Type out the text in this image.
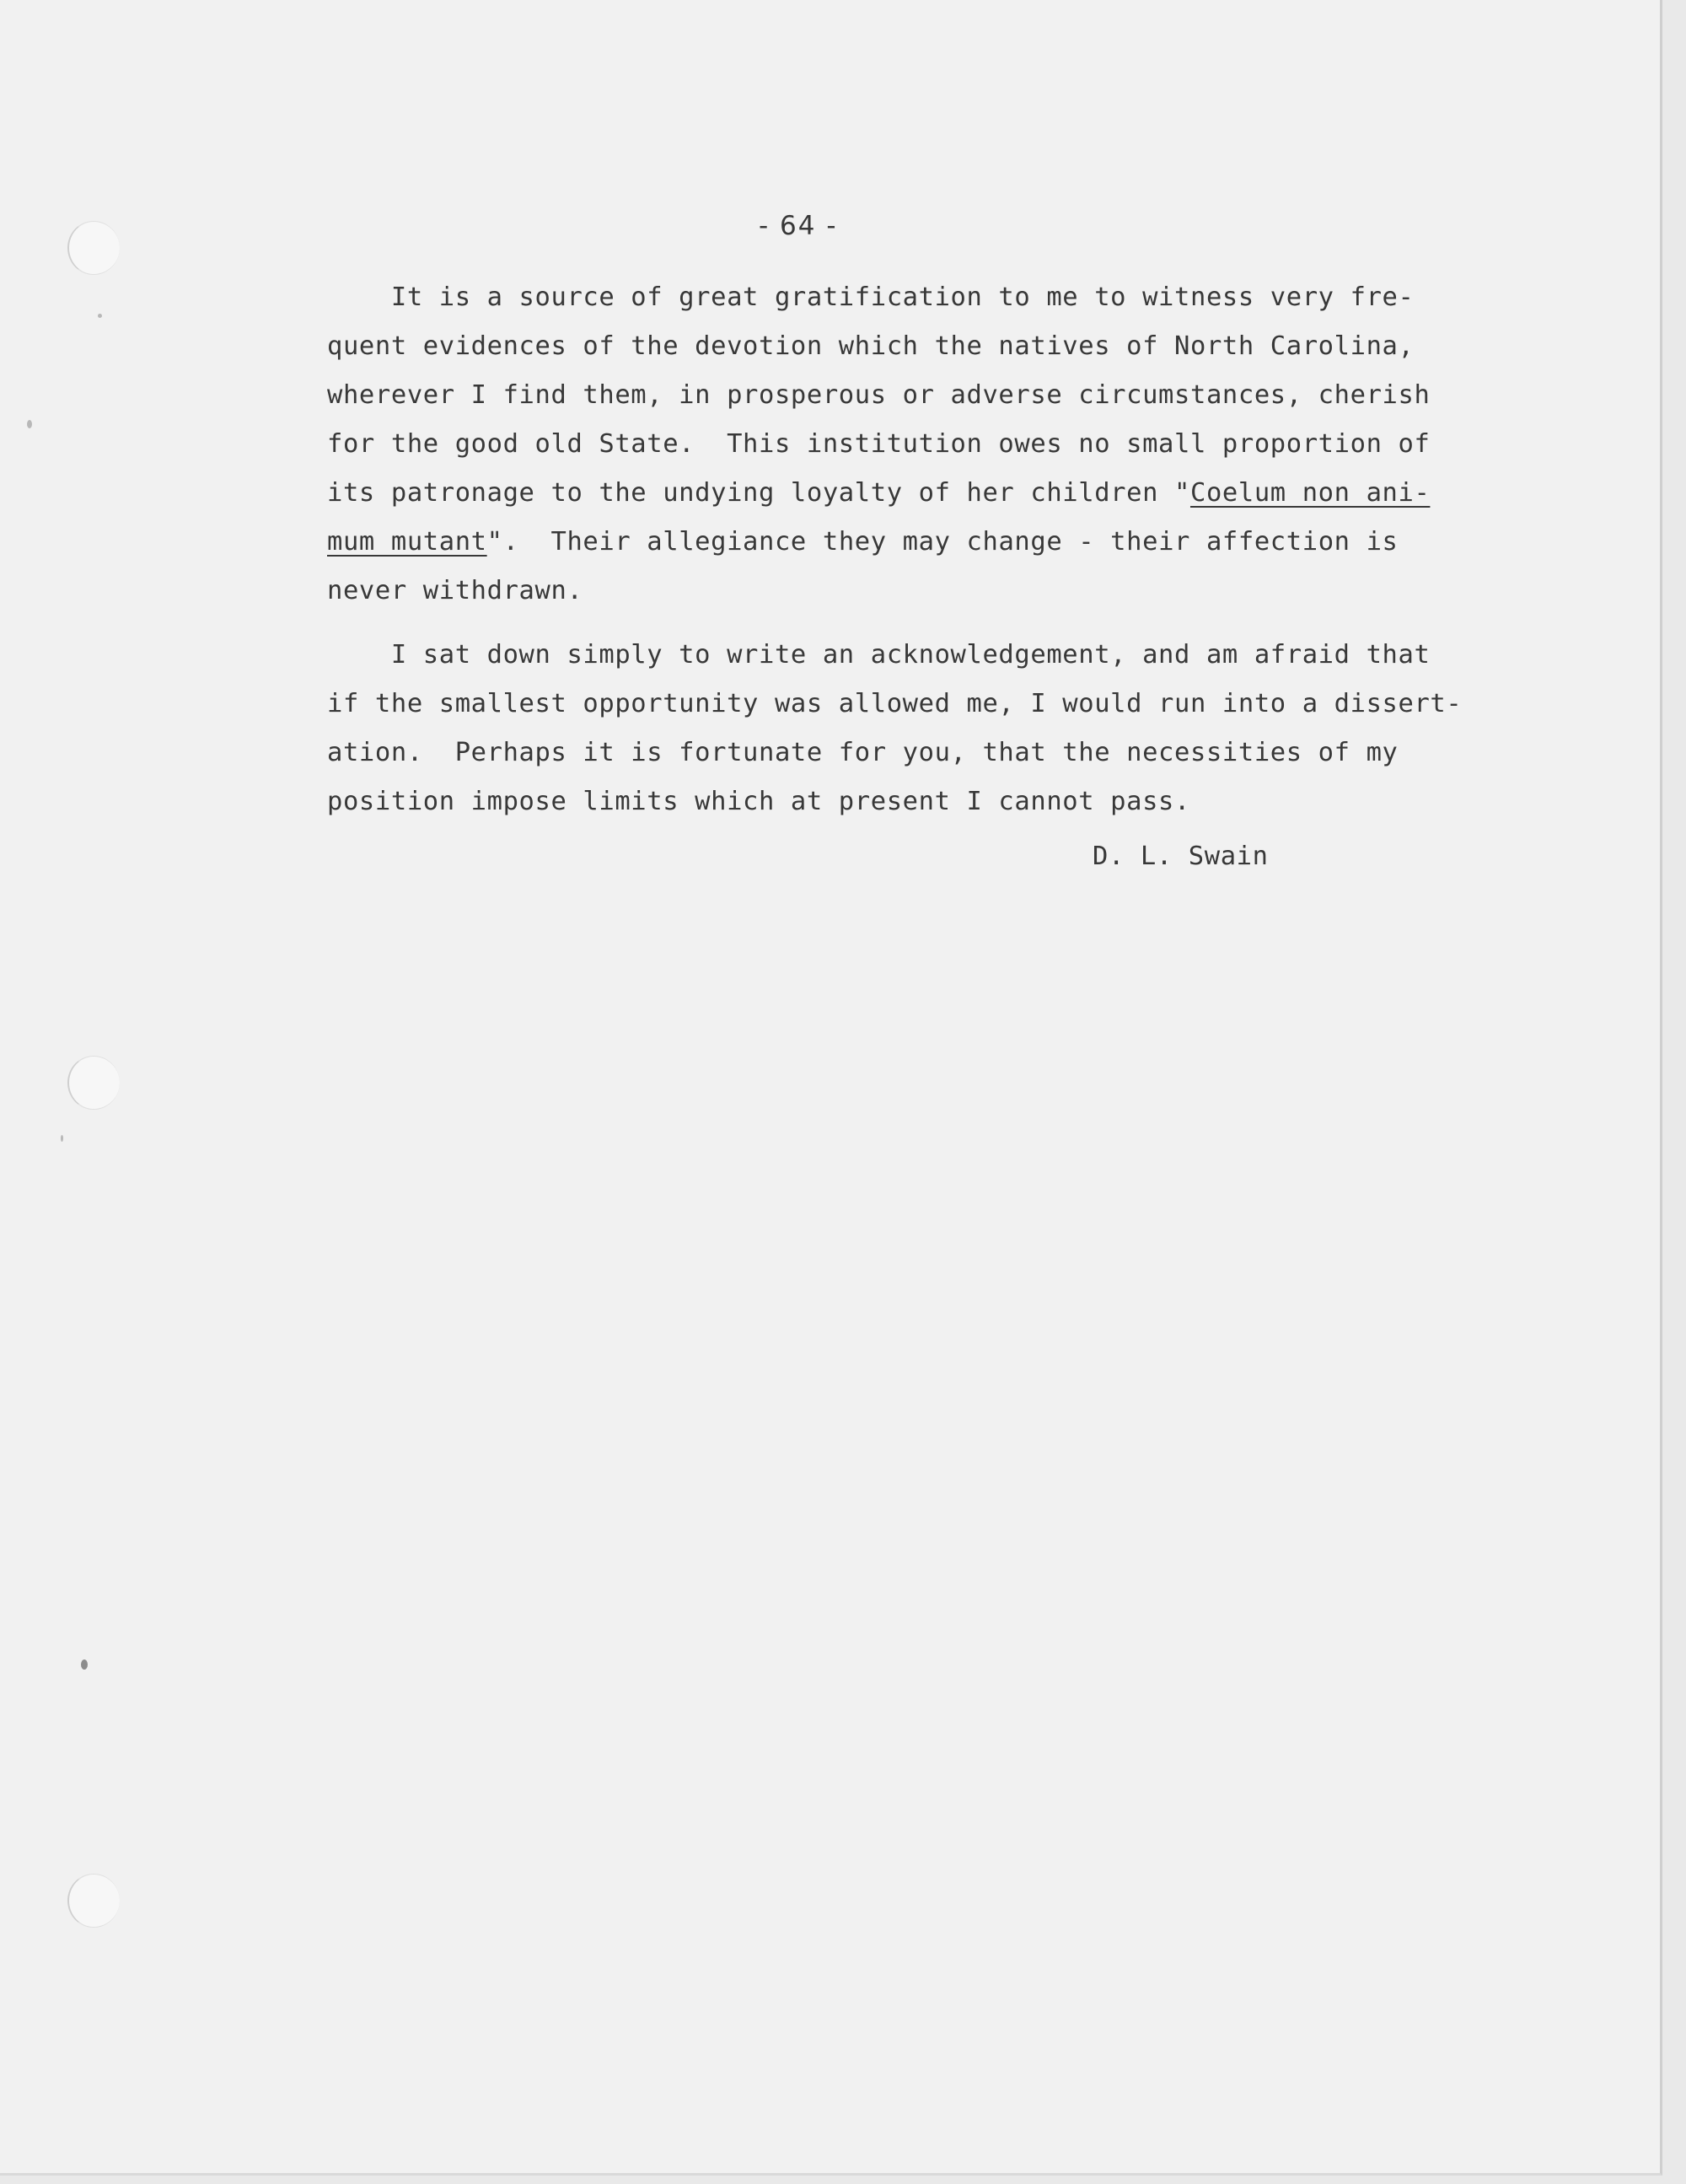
- 64 -
It is a source of great gratification to me to witness very fre-
quent evidences of the devotion which the natives of North Carolina,
wherever I find them, in prosperous or adverse circumstances, cherish
for the good old State.  This institution owes no small proportion of
its patronage to the undying loyalty of her children "Coelum non ani-
mum mutant".  Their allegiance they may change - their affection is
never withdrawn.
I sat down simply to write an acknowledgement, and am afraid that
if the smallest opportunity was allowed me, I would run into a dissert-
ation.  Perhaps it is fortunate for you, that the necessities of my
position impose limits which at present I cannot pass.
D. L. Swain
